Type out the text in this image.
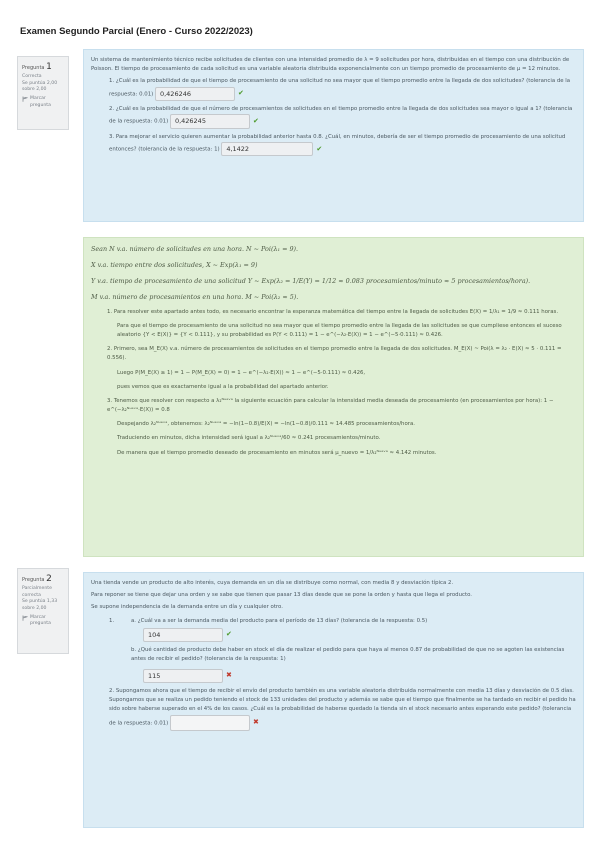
Examen Segundo Parcial (Enero - Curso 2022/2023)
Pregunta 1
Correcta
Se puntúa 2,00 sobre 2,00
Marcar pregunta

Un sistema de mantenimiento técnico recibe solicitudes de clientes con una intensidad promedio de λ = 9 solicitudes por hora, distribuidas en el tiempo con una distribución de Poisson. El tiempo de procesamiento de cada solicitud es una variable aleatoria distribuida exponencialmente con un tiempo promedio de procesamiento de μ = 12 minutos.

1. ¿Cuál es la probabilidad de que el tiempo de procesamiento de una solicitud no sea mayor que el tiempo promedio entre la llegada de dos solicitudes? (tolerancia de la respuesta: 0.01) 0,426246	✔
2. ¿Cuál es la probabilidad de que el número de procesamientos de solicitudes en el tiempo promedio entre la llegada de dos solicitudes sea mayor o igual a 1? (tolerancia de la respuesta: 0.01) 0,426245	✔
3. Para mejorar el servicio quieren aumentar la probabilidad anterior hasta 0.8. ¿Cuál, en minutos, debería de ser el tiempo promedio de procesamiento de una solicitud entonces? (tolerancia de la respuesta: 1) 4,1422	✔
Sean N v.a. número de solicitudes en una hora. N ~ Poi(λ₁ = 9).
X v.a. tiempo entre dos solicitudes, X ~ Exp(λ₁ = 9)
Y v.a. tiempo de procesamiento de una solicitud Y ~ Exp(λ₂ = 1/E(Y) = 1/12 ≈ 0.083 procesamientos/minuto ≈ 5 procesamientos/hora).
M v.a. número de procesamientos en una hora. M ~ Poi(λ₂ ≈ 5).
1. Para resolver este apartado antes todo, es necesario encontrar la esperanza matemática del tiempo entre la llegada de solicitudes E(X) = 1/λ₁ = 1/9 ≈ 0.111 horas.
Para que el tiempo de procesamiento de una solicitud no sea mayor que el tiempo promedio entre la llegada de las solicitudes se que cumpliese entonces el suceso aleatorio {Y < E(X)} = {Y < 0.111}, y su probabilidad es P(Y < 0.111) = 1 − e^(−λ₂·E(X)) = 1 − e^(−5·0.111) ≈ 0.426.
2. Primero, sea M_E(X) v.a. número de procesamientos de solicitudes en el tiempo promedio entre la llegada de dos solicitudes. M_E(X) ~ Poi(λ = λ₂ · E(X) ≈ 5 · 0.111 = 0.556).
Luego P(M_E(X) ≥ 1) = 1 − P(M_E(X) = 0) = 1 − e^(−λ₂·E(X)) ≈ 1 − e^(−5·0.111) ≈ 0.426,
pues vemos que es exactamente igual a la probabilidad del apartado anterior.
3. Tenemos que resolver con respecto a λ₂ᴺᵘᵉᵛᵃ la siguiente ecuación para calcular la intensidad media deseada de procesamiento (en procesamientos por hora): 1 − e^(−λ₂ᴺᵘᵉᵛᵃ·E(X)) = 0.8
Despejando λ₂ᴺᵘᵉᵛᵃ, obtenemos: λ₂ᴺᵘᵉᵛᵃ = −ln(1−0.8)/E(X) = −ln(1−0.8)/0.111 ≈ 14.485 procesamientos/hora.
Traduciendo en minutos, dicha intensidad será igual a λ₂ᴺᵘᵉᵛᵃ/60 ≈ 0.241 procesamientos/minuto.
De manera que el tiempo promedio deseado de procesamiento en minutos será μ_nuevo = 1/λ₂ᴺᵘᵉᵛᵃ ≈ 4.142 minutos.
Pregunta 2
Parcialmente correcta
Se puntúa 1,33 sobre 2,00
Marcar pregunta

Una tienda vende un producto de alto interés, cuya demanda en un día se distribuye como normal, con media 8 y desviación típica 2.

Para reponer se tiene que dejar una orden y se sabe que tienen que pasar 13 días desde que se pone la orden y hasta que llega el producto.

Se supone independencia de la demanda entre un día y cualquier otro.

1.	a. ¿Cuál va a ser la demanda media del producto para el período de 13 días? (tolerancia de la respuesta: 0.5)
104	✔
b. ¿Qué cantidad de producto debe haber en stock el día de realizar el pedido para que haya al menos 0.87 de probabilidad de que no se agoten las existencias antes de recibir el pedido? (tolerancia de la respuesta: 1)
115	✖
2. Supongamos ahora que el tiempo de recibir el envío del producto también es una variable aleatoria distribuida normalmente con media 13 días y desviación de 0.5 días. Supongamos que se realiza un pedido teniendo el stock de 133 unidades del producto y además se sabe que el tiempo que finalmente se ha tardado en recibir el pedido ha sido sobre haberse superado en el 4% de los casos. ¿Cuál es la probabilidad de haberse quedado la tienda sin el stock necesario antes esperando este pedido? (tolerancia de la respuesta: 0.01)	✖
